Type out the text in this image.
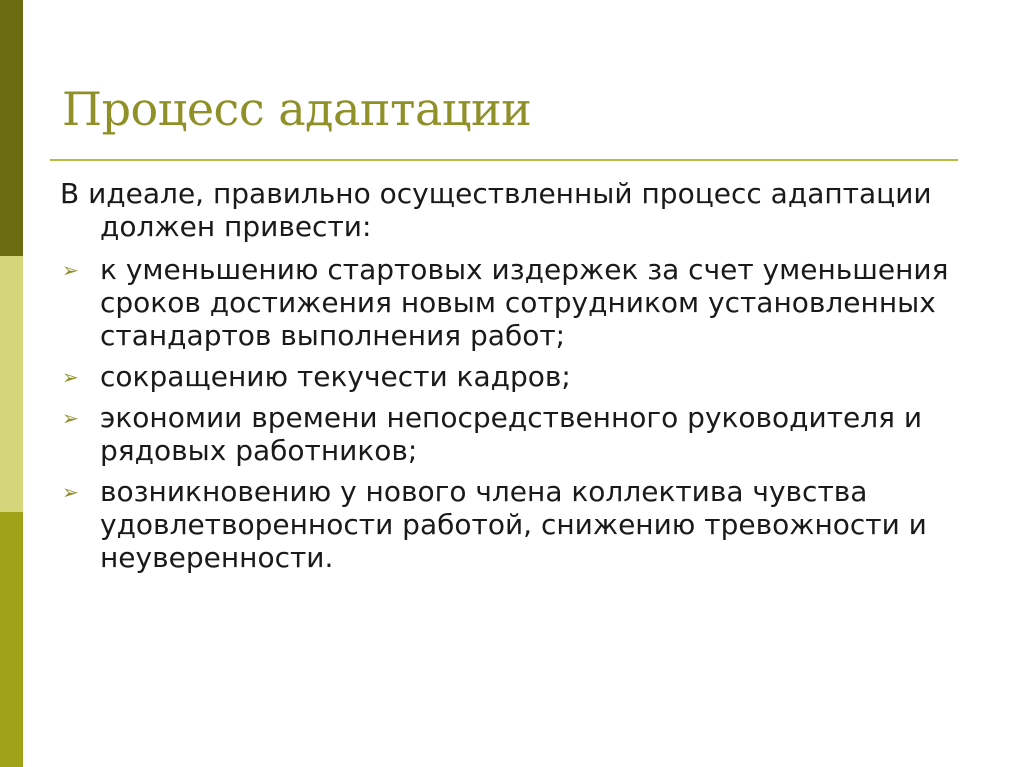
Процесс адаптации

В идеале, правильно осуществленный процесс адаптации должен привести:

➢ к уменьшению стартовых издержек за счет уменьшения сроков достижения новым сотрудником установленных стандартов выполнения работ;
➢ сокращению текучести кадров;
➢ экономии времени непосредственного руководителя и рядовых работников;
➢ возникновению у нового члена коллектива чувства удовлетворенности работой, снижению тревожности и неуверенности.
